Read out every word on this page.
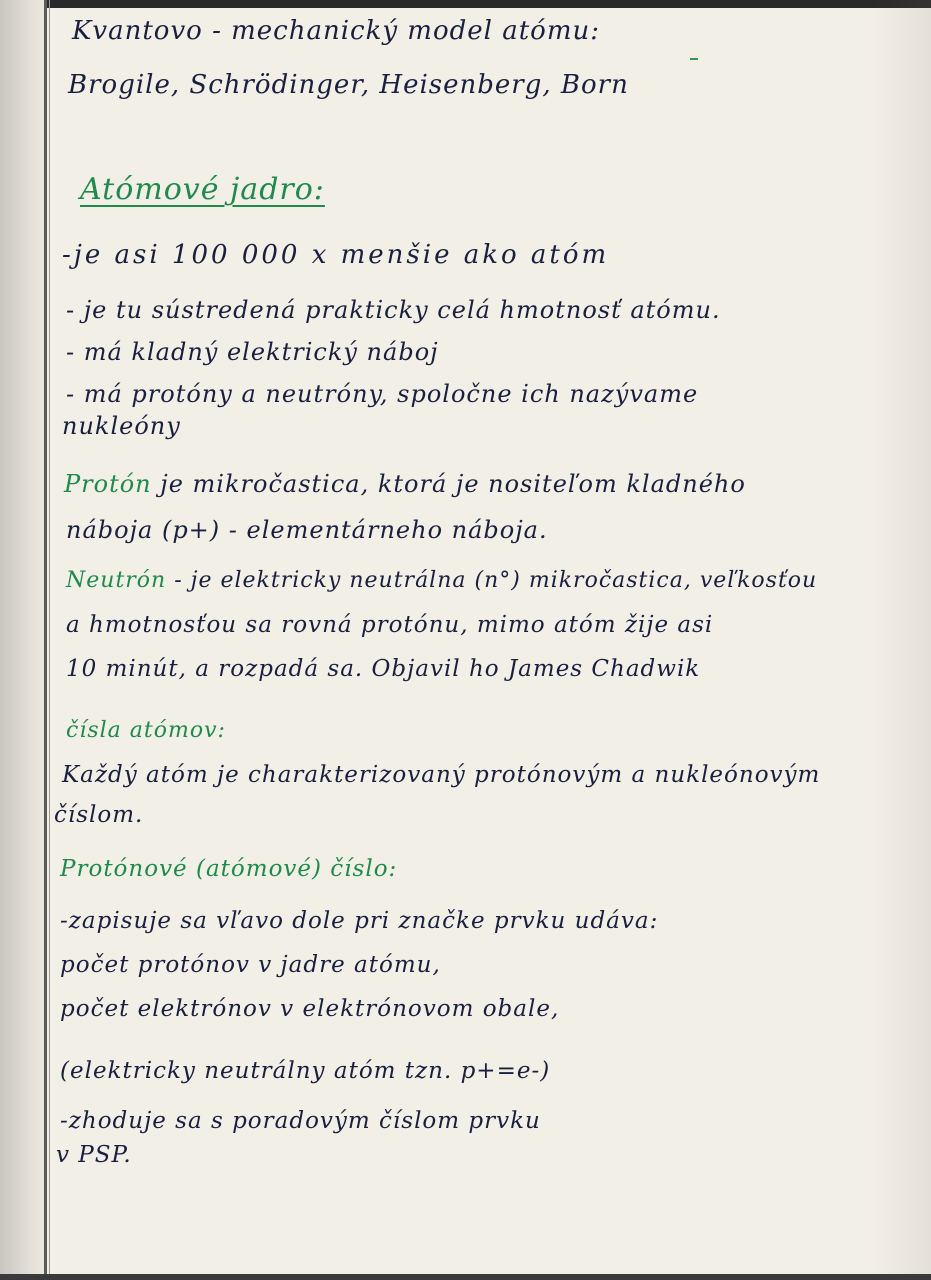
Kvantovo - mechanický model atómu:
Brogile, Schrödinger, Heisenberg, Born
Atómové jadro:
-je asi 100 000 x menšie ako atóm
- je tu sústredená prakticky celá hmotnosť atómu.
- má kladný elektrický náboj
- má protóny a neutróny, spoločne ich nazývame
nukleóny
Protón je mikročastica, ktorá je nositeľom kladného
náboja (p+) - elementárneho náboja.
Neutrón - je elektricky neutrálna (n°) mikročastica, veľkosťou
a hmotnosťou sa rovná protónu, mimo atóm žije asi
10 minút, a rozpadá sa. Objavil ho James Chadwik
čísla atómov:
Každý atóm je charakterizovaný protónovým a nukleónovým
číslom.
Protónové (atómové) číslo:
-zapisuje sa vľavo dole pri značke prvku udáva:
počet protónov v jadre atómu,
počet elektrónov v elektrónovom obale,
(elektricky neutrálny atóm tzn. p+=e-)
-zhoduje sa s poradovým číslom prvku
v PSP.
